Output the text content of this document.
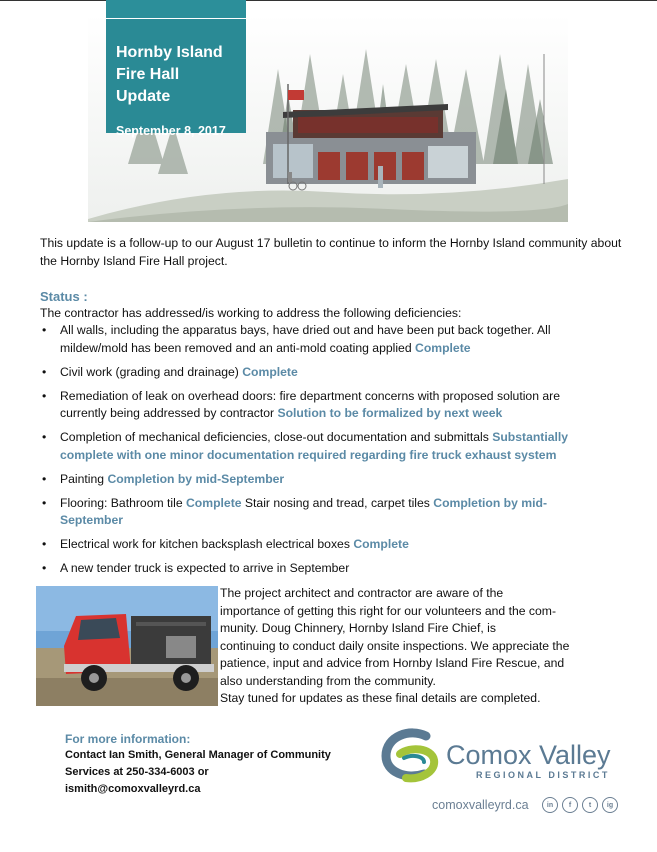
Hornby Island
Fire Hall
Update
September 8, 2017
This update is a follow-up to our August 17 bulletin to continue to inform the Hornby Island community about the Hornby Island Fire Hall project.
Status :
The contractor has addressed/is working to address the following deficiencies:
• All walls, including the apparatus bays, have dried out and have been put back together. All mildew/mold has been removed and an anti-mold coating applied Complete
• Civil work (grading and drainage) Complete
• Remediation of leak on overhead doors: fire department concerns with proposed solution are currently being addressed by contractor Solution to be formalized by next week
• Completion of mechanical deficiencies, close-out documentation and submittals Substantially complete with one minor documentation required regarding fire truck exhaust system
• Painting Completion by mid-September
• Flooring: Bathroom tile Complete Stair nosing and tread, carpet tiles Completion by mid-September
• Electrical work for kitchen backsplash electrical boxes Complete
• A new tender truck is expected to arrive in September
The project architect and contractor are aware of the
importance of getting this right for our volunteers and the com-
munity. Doug Chinnery, Hornby Island Fire Chief, is
continuing to conduct daily onsite inspections. We appreciate the
patience, input and advice from Hornby Island Fire Rescue, and
also understanding from the community.
Stay tuned for updates as these final details are completed.
For more information:
Contact Ian Smith, General Manager of Community
Services at 250-334-6003 or
ismith@comoxvalleyrd.ca
Comox Valley
REGIONAL DISTRICT
comoxvalleyrd.ca	in	f	t	ig
